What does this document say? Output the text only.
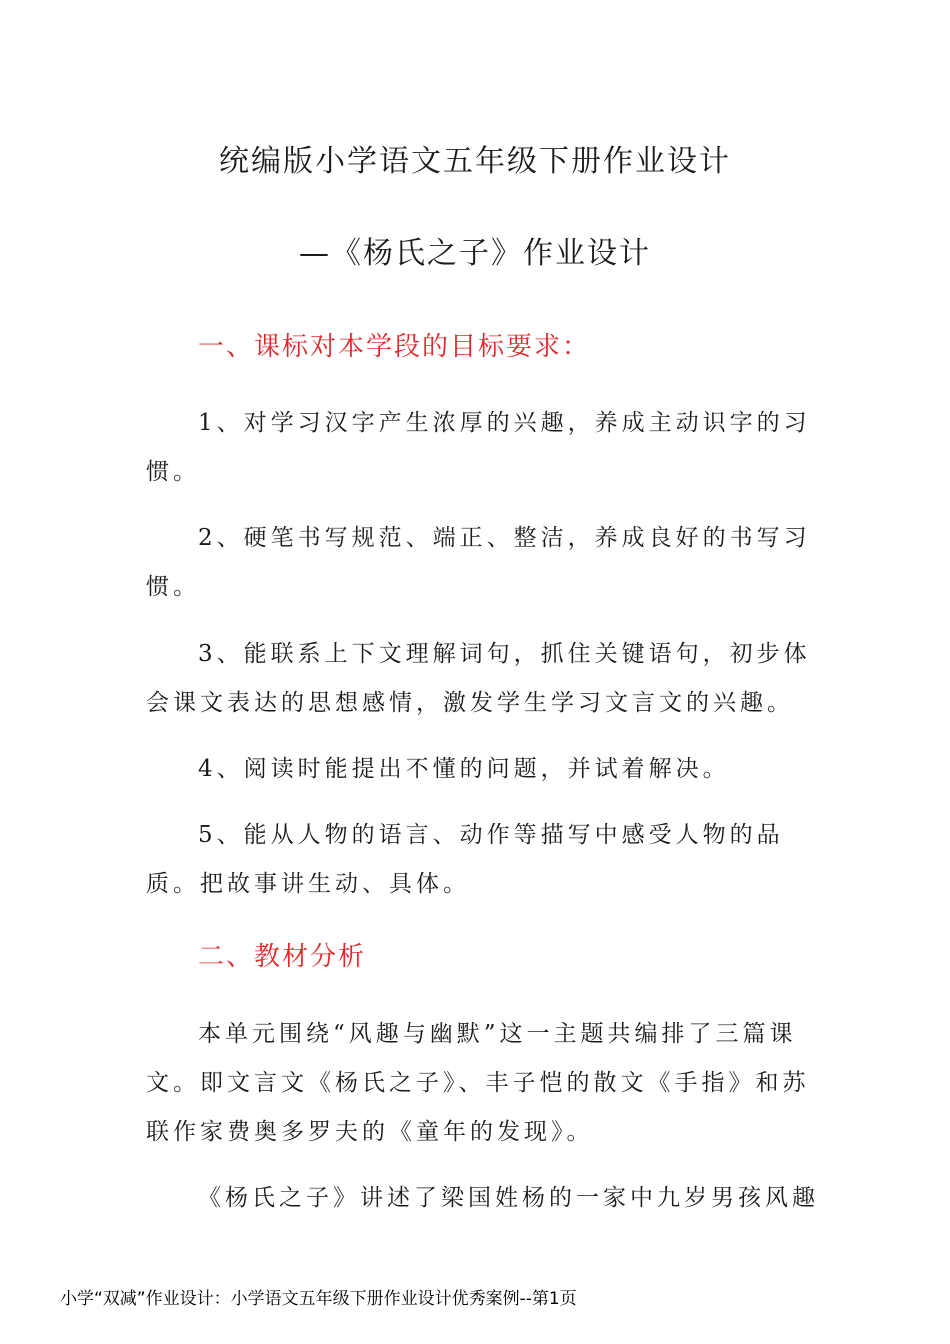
统编版小学语文五年级下册作业设计
—《杨氏之子》作业设计
一、课标对本学段的目标要求：

1、对学习汉字产生浓厚的兴趣，养成主动识字的习惯。

2、硬笔书写规范、端正、整洁，养成良好的书写习惯。

3、能联系上下文理解词句，抓住关键语句，初步体会课文表达的思想感情，激发学生学习文言文的兴趣。

4、阅读时能提出不懂的问题，并试着解决。

5、能从人物的语言、动作等描写中感受人物的品质。把故事讲生动、具体。

二、教材分析

本单元围绕“风趣与幽默”这一主题共编排了三篇课文。即文言文《杨氏之子》、丰子恺的散文《手指》和苏联作家费奥多罗夫的《童年的发现》。

《杨氏之子》讲述了梁国姓杨的一家中九岁男孩风趣

小学“双减”作业设计：小学语文五年级下册作业设计优秀案例--第1页
